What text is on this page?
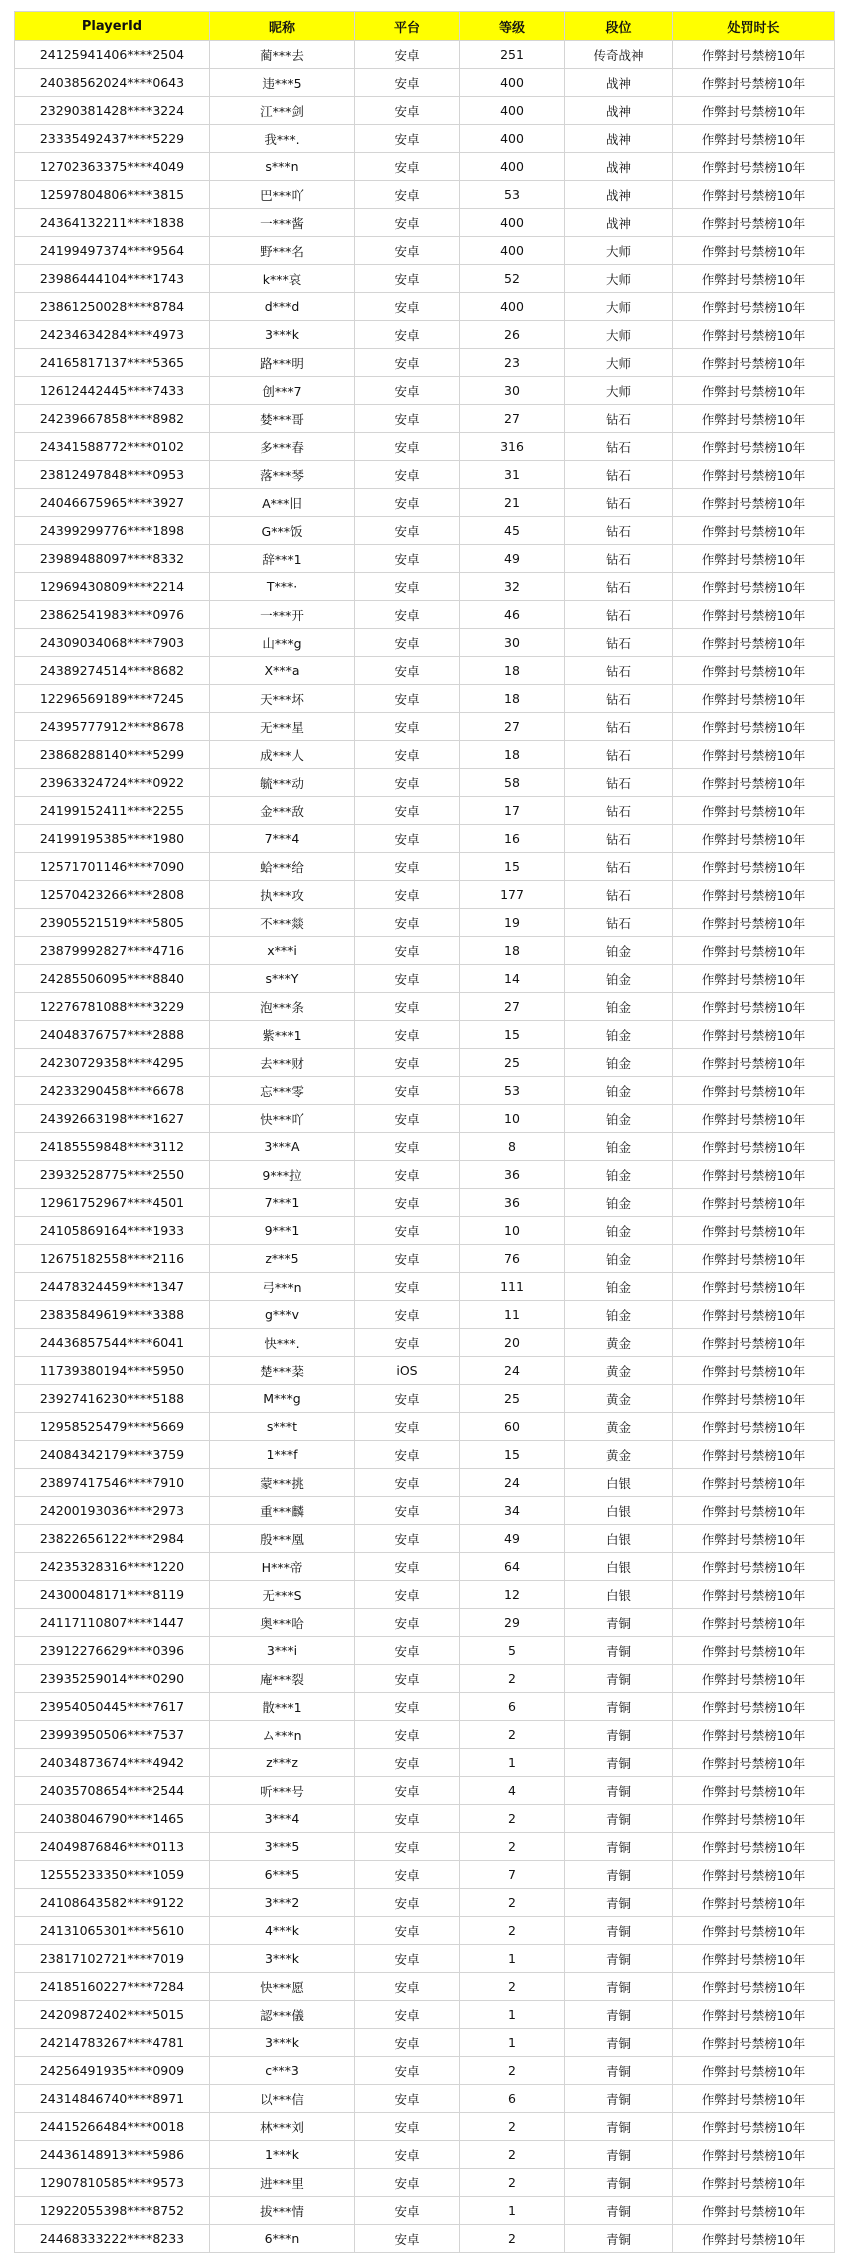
PlayerId	昵称	平台	等级	段位	处罚时长
24125941406****2504	蔺***去	安卓	251	传奇战神	作弊封号禁榜10年
24038562024****0643	违***5	安卓	400	战神	作弊封号禁榜10年
23290381428****3224	江***剑	安卓	400	战神	作弊封号禁榜10年
23335492437****5229	我***.	安卓	400	战神	作弊封号禁榜10年
12702363375****4049	s***n	安卓	400	战神	作弊封号禁榜10年
12597804806****3815	巴***吖	安卓	53	战神	作弊封号禁榜10年
24364132211****1838	一***酱	安卓	400	战神	作弊封号禁榜10年
24199497374****9564	野***名	安卓	400	大师	作弊封号禁榜10年
23986444104****1743	k***哀	安卓	52	大师	作弊封号禁榜10年
23861250028****8784	d***d	安卓	400	大师	作弊封号禁榜10年
24234634284****4973	3***k	安卓	26	大师	作弊封号禁榜10年
24165817137****5365	路***明	安卓	23	大师	作弊封号禁榜10年
12612442445****7433	创***7	安卓	30	大师	作弊封号禁榜10年
24239667858****8982	婪***哥	安卓	27	钻石	作弊封号禁榜10年
24341588772****0102	多***春	安卓	316	钻石	作弊封号禁榜10年
23812497848****0953	落***琴	安卓	31	钻石	作弊封号禁榜10年
24046675965****3927	A***旧	安卓	21	钻石	作弊封号禁榜10年
24399299776****1898	G***饭	安卓	45	钻石	作弊封号禁榜10年
23989488097****8332	辞***1	安卓	49	钻石	作弊封号禁榜10年
12969430809****2214	T***·	安卓	32	钻石	作弊封号禁榜10年
23862541983****0976	一***开	安卓	46	钻石	作弊封号禁榜10年
24309034068****7903	山***g	安卓	30	钻石	作弊封号禁榜10年
24389274514****8682	X***a	安卓	18	钻石	作弊封号禁榜10年
12296569189****7245	天***坏	安卓	18	钻石	作弊封号禁榜10年
24395777912****8678	无***星	安卓	27	钻石	作弊封号禁榜10年
23868288140****5299	成***人	安卓	18	钻石	作弊封号禁榜10年
23963324724****0922	毓***动	安卓	58	钻石	作弊封号禁榜10年
24199152411****2255	金***敌	安卓	17	钻石	作弊封号禁榜10年
24199195385****1980	7***4	安卓	16	钻石	作弊封号禁榜10年
12571701146****7090	蛤***给	安卓	15	钻石	作弊封号禁榜10年
12570423266****2808	执***攻	安卓	177	钻石	作弊封号禁榜10年
23905521519****5805	不***燚	安卓	19	钻石	作弊封号禁榜10年
23879992827****4716	x***i	安卓	18	铂金	作弊封号禁榜10年
24285506095****8840	s***Y	安卓	14	铂金	作弊封号禁榜10年
12276781088****3229	泡***条	安卓	27	铂金	作弊封号禁榜10年
24048376757****2888	紫***1	安卓	15	铂金	作弊封号禁榜10年
24230729358****4295	去***财	安卓	25	铂金	作弊封号禁榜10年
24233290458****6678	忘***零	安卓	53	铂金	作弊封号禁榜10年
24392663198****1627	快***吖	安卓	10	铂金	作弊封号禁榜10年
24185559848****3112	3***A	安卓	8	铂金	作弊封号禁榜10年
23932528775****2550	9***拉	安卓	36	铂金	作弊封号禁榜10年
12961752967****4501	7***1	安卓	36	铂金	作弊封号禁榜10年
24105869164****1933	9***1	安卓	10	铂金	作弊封号禁榜10年
12675182558****2116	z***5	安卓	76	铂金	作弊封号禁榜10年
24478324459****1347	弓***n	安卓	111	铂金	作弊封号禁榜10年
23835849619****3388	g***v	安卓	11	铂金	作弊封号禁榜10年
24436857544****6041	快***.	安卓	20	黄金	作弊封号禁榜10年
11739380194****5950	楚***棻	iOS	24	黄金	作弊封号禁榜10年
23927416230****5188	M***g	安卓	25	黄金	作弊封号禁榜10年
12958525479****5669	s***t	安卓	60	黄金	作弊封号禁榜10年
24084342179****3759	1***f	安卓	15	黄金	作弊封号禁榜10年
23897417546****7910	蒙***挑	安卓	24	白银	作弊封号禁榜10年
24200193036****2973	重***麟	安卓	34	白银	作弊封号禁榜10年
23822656122****2984	殷***凰	安卓	49	白银	作弊封号禁榜10年
24235328316****1220	H***帝	安卓	64	白银	作弊封号禁榜10年
24300048171****8119	无***S	安卓	12	白银	作弊封号禁榜10年
24117110807****1447	奥***哈	安卓	29	青铜	作弊封号禁榜10年
23912276629****0396	3***i	安卓	5	青铜	作弊封号禁榜10年
23935259014****0290	庵***裂	安卓	2	青铜	作弊封号禁榜10年
23954050445****7617	散***1	安卓	6	青铜	作弊封号禁榜10年
23993950506****7537	ム***n	安卓	2	青铜	作弊封号禁榜10年
24034873674****4942	z***z	安卓	1	青铜	作弊封号禁榜10年
24035708654****2544	听***号	安卓	4	青铜	作弊封号禁榜10年
24038046790****1465	3***4	安卓	2	青铜	作弊封号禁榜10年
24049876846****0113	3***5	安卓	2	青铜	作弊封号禁榜10年
12555233350****1059	6***5	安卓	7	青铜	作弊封号禁榜10年
24108643582****9122	3***2	安卓	2	青铜	作弊封号禁榜10年
24131065301****5610	4***k	安卓	2	青铜	作弊封号禁榜10年
23817102721****7019	3***k	安卓	1	青铜	作弊封号禁榜10年
24185160227****7284	快***愿	安卓	2	青铜	作弊封号禁榜10年
24209872402****5015	認***儀	安卓	1	青铜	作弊封号禁榜10年
24214783267****4781	3***k	安卓	1	青铜	作弊封号禁榜10年
24256491935****0909	c***3	安卓	2	青铜	作弊封号禁榜10年
24314846740****8971	以***信	安卓	6	青铜	作弊封号禁榜10年
24415266484****0018	林***刘	安卓	2	青铜	作弊封号禁榜10年
24436148913****5986	1***k	安卓	2	青铜	作弊封号禁榜10年
12907810585****9573	进***里	安卓	2	青铜	作弊封号禁榜10年
12922055398****8752	拔***情	安卓	1	青铜	作弊封号禁榜10年
24468333222****8233	6***n	安卓	2	青铜	作弊封号禁榜10年
